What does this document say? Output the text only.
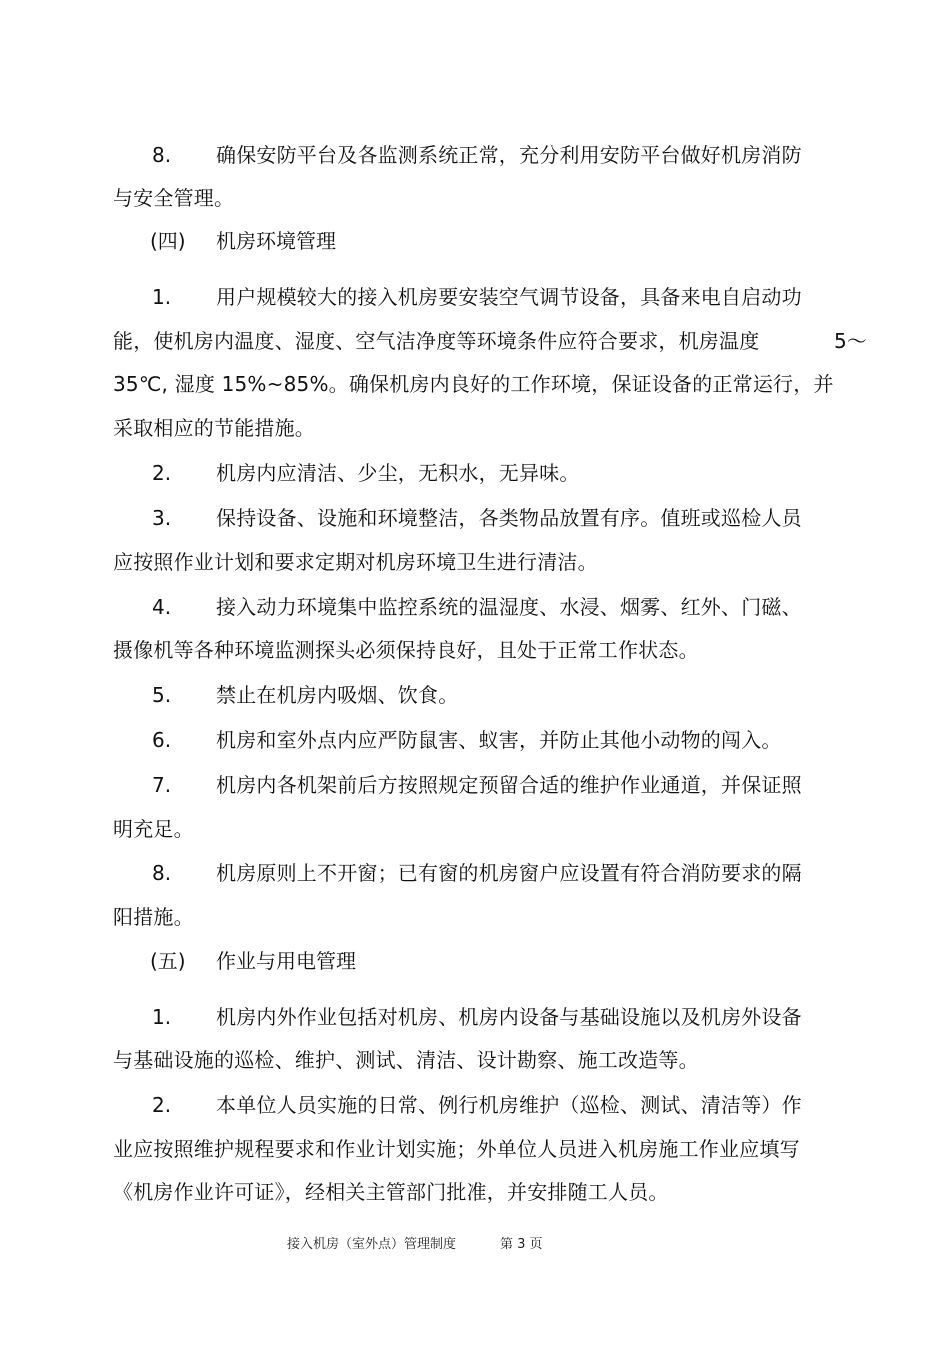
8. 确保安防平台及各监测系统正常，充分利用安防平台做好机房消防
与安全管理。
(四) 机房环境管理
1. 用户规模较大的接入机房要安装空气调节设备，具备来电自启动功
能，使机房内温度、湿度、空气洁净度等环境条件应符合要求，机房温度	5～
35℃, 湿度 15%~85%。确保机房内良好的工作环境，保证设备的正常运行，并
采取相应的节能措施。
2. 机房内应清洁、少尘，无积水，无异味。
3. 保持设备、设施和环境整洁，各类物品放置有序。值班或巡检人员
应按照作业计划和要求定期对机房环境卫生进行清洁。
4. 接入动力环境集中监控系统的温湿度、水浸、烟雾、红外、门磁、
摄像机等各种环境监测探头必须保持良好，且处于正常工作状态。
5. 禁止在机房内吸烟、饮食。
6. 机房和室外点内应严防鼠害、蚁害，并防止其他小动物的闯入。
7. 机房内各机架前后方按照规定预留合适的维护作业通道，并保证照
明充足。
8. 机房原则上不开窗；已有窗的机房窗户应设置有符合消防要求的隔
阳措施。
(五) 作业与用电管理
1. 机房内外作业包括对机房、机房内设备与基础设施以及机房外设备
与基础设施的巡检、维护、测试、清洁、设计勘察、施工改造等。
2. 本单位人员实施的日常、例行机房维护（巡检、测试、清洁等）作
业应按照维护规程要求和作业计划实施；外单位人员进入机房施工作业应填写
《机房作业许可证》，经相关主管部门批准，并安排随工人员。
接入机房（室外点）管理制度	第 3 页
